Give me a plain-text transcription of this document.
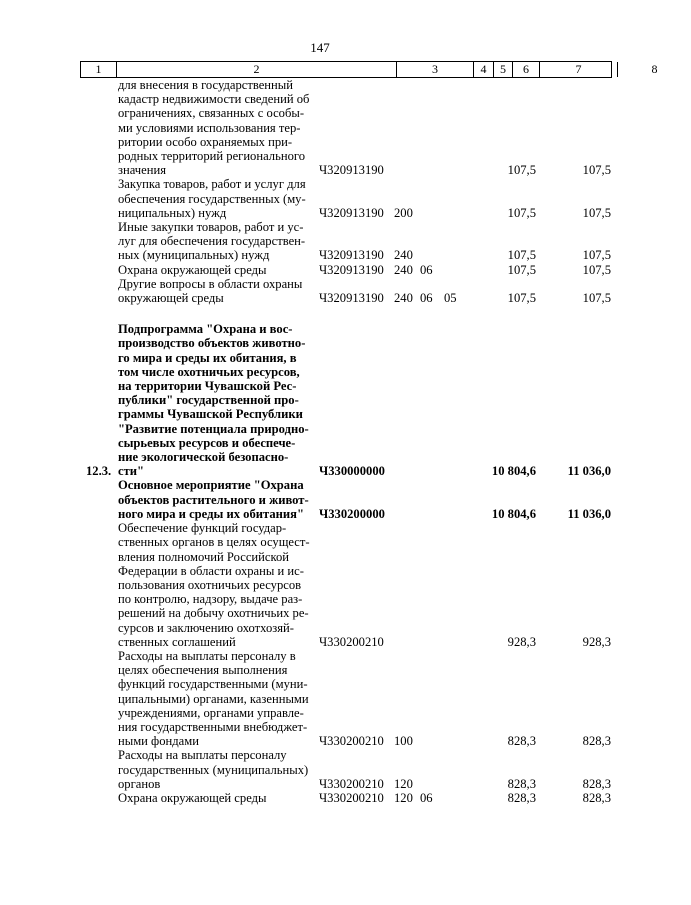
147
1	2	3	4	5	6	7	8
для внесения в государственный
кадастр недвижимости сведений об
ограничениях, связанных с особы-
ми условиями использования тер-
ритории особо охраняемых при-
родных территорий регионального
значения	Ч320913190	107,5	107,5
Закупка товаров, работ и услуг для
обеспечения государственных (му-
ниципальных) нужд	Ч320913190 200	107,5	107,5
Иные закупки товаров, работ и ус-
луг для обеспечения государствен-
ных (муниципальных) нужд	Ч320913190 240	107,5	107,5
Охрана окружающей среды	Ч320913190 240 06	107,5	107,5
Другие вопросы в области охраны
окружающей среды	Ч320913190 240 06 05	107,5	107,5
12.3.
Подпрограмма "Охрана и вос-
производство объектов животно-
го мира и среды их обитания, в
том числе охотничьих ресурсов,
на территории Чувашской Рес-
публики" государственной про-
граммы Чувашской Республики
"Развитие потенциала природно-
сырьевых ресурсов и обеспече-
ние экологической безопасно-
сти"	Ч330000000	10 804,6	11 036,0
Основное мероприятие "Охрана
объектов растительного и живот-
ного мира и среды их обитания"	Ч330200000	10 804,6	11 036,0
Обеспечение функций государ-
ственных органов в целях осущест-
вления полномочий Российской
Федерации в области охраны и ис-
пользования охотничьих ресурсов
по контролю, надзору, выдаче раз-
решений на добычу охотничьих ре-
сурсов и заключению охотхозяй-
ственных соглашений	Ч330200210	928,3	928,3
Расходы на выплаты персоналу в
целях обеспечения выполнения
функций государственными (муни-
ципальными) органами, казенными
учреждениями, органами управле-
ния государственными внебюджет-
ными фондами	Ч330200210 100	828,3	828,3
Расходы на выплаты персоналу
государственных (муниципальных)
органов	Ч330200210 120	828,3	828,3
Охрана окружающей среды	Ч330200210 120 06	828,3	828,3
